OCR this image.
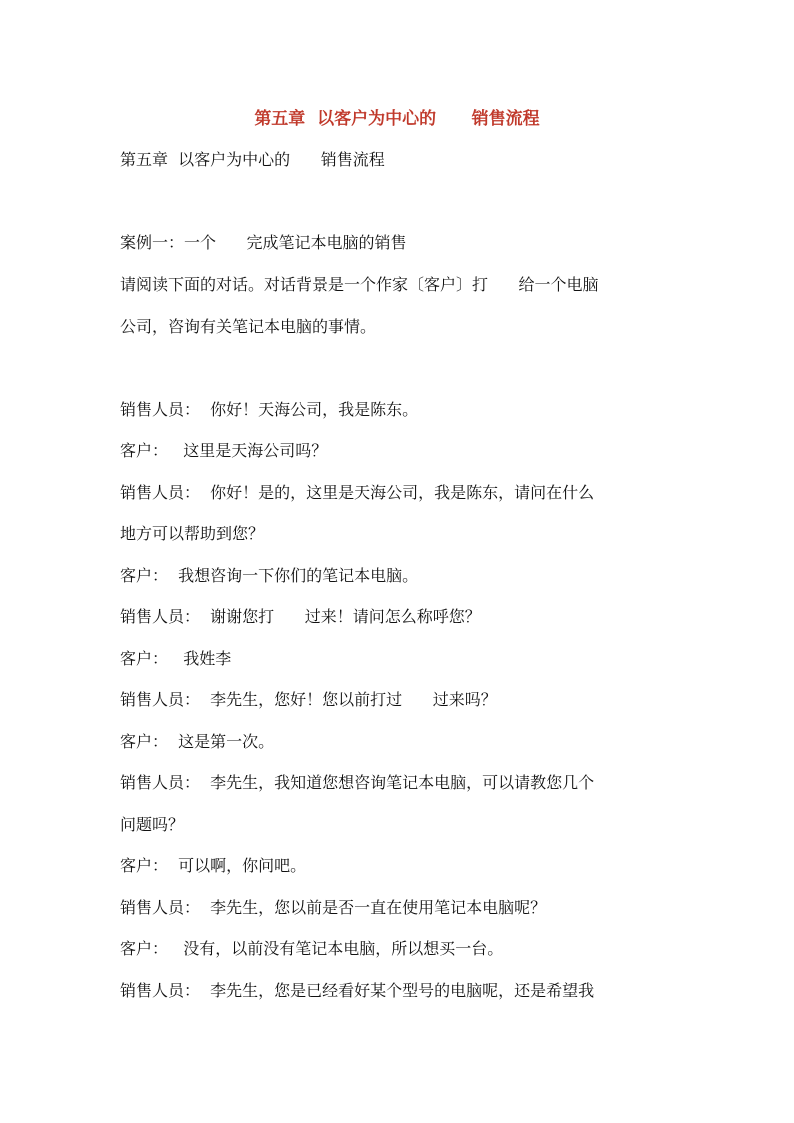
第五章  以客户为中心的      销售流程
第五章  以客户为中心的      销售流程
案例一：一个      完成笔记本电脑的销售
请阅读下面的对话。对话背景是一个作家〔客户〕打      给一个电脑
公司，咨询有关笔记本电脑的事情。
销售人员：  你好！天海公司，我是陈东。
客户：   这里是天海公司吗？
销售人员：  你好！是的，这里是天海公司，我是陈东，请问在什么
地方可以帮助到您？
客户：  我想咨询一下你们的笔记本电脑。
销售人员：  谢谢您打      过来！请问怎么称呼您？
客户：   我姓李
销售人员：  李先生，您好！您以前打过      过来吗？
客户：  这是第一次。
销售人员：  李先生，我知道您想咨询笔记本电脑，可以请教您几个
问题吗？
客户：  可以啊，你问吧。
销售人员：  李先生，您以前是否一直在使用笔记本电脑呢？
客户：   没有，以前没有笔记本电脑，所以想买一台。
销售人员：  李先生，您是已经看好某个型号的电脑呢，还是希望我
